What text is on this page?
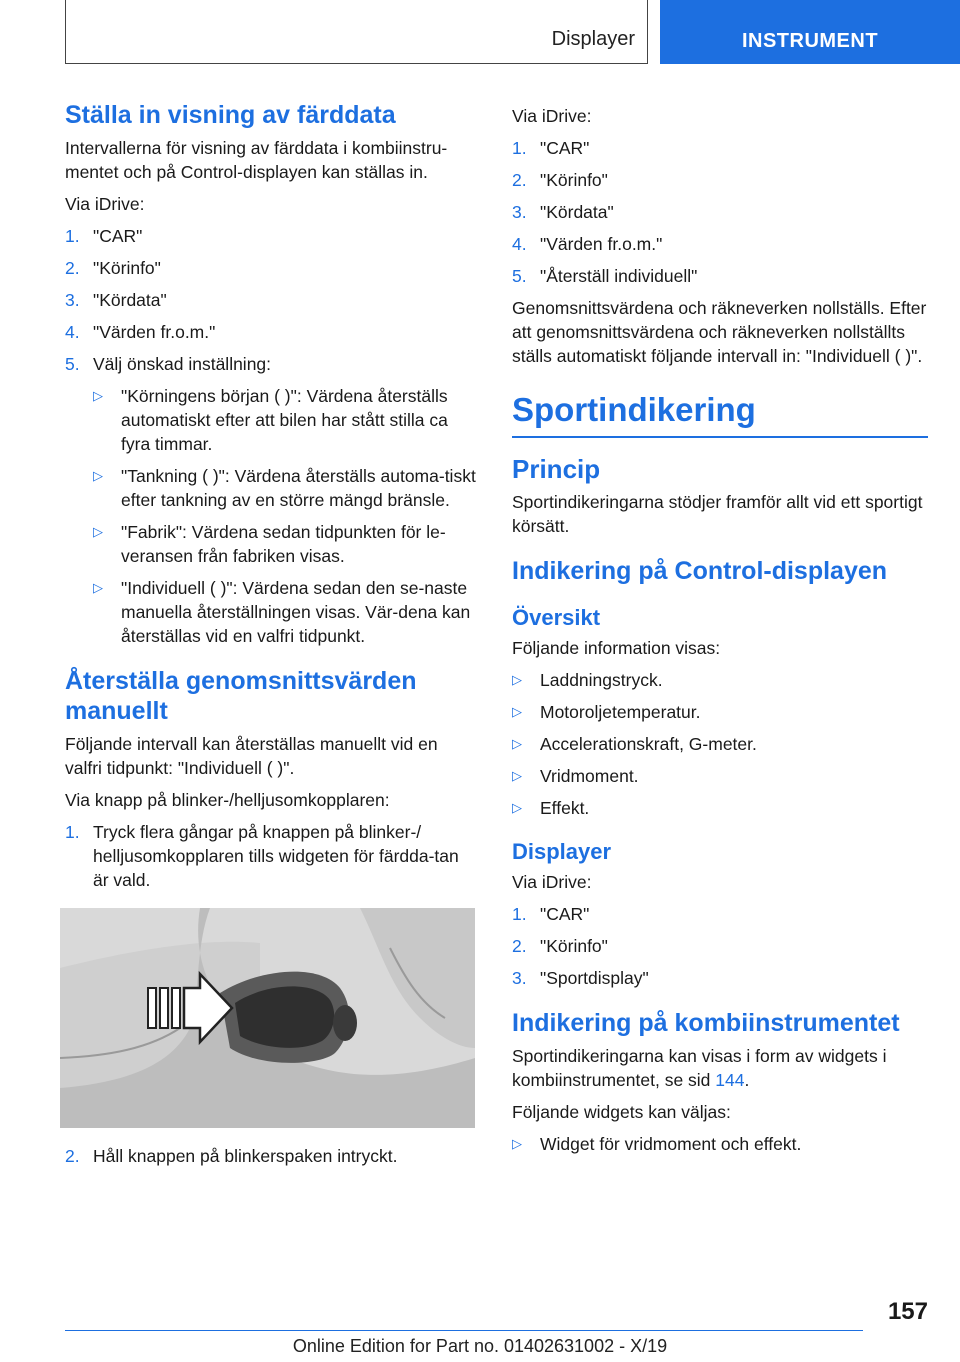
Displayer	INSTRUMENT
Ställa in visning av färddata

Intervallerna för visning av färddata i kombiinstru-mentet och på Control-displayen kan ställas in.

Via iDrive:

1. "CAR"
2. "Körinfo"
3. "Kördata"
4. "Värden fr.o.m."
5. Välj önskad inställning:
▷	"Körningens början ( )": Värdena återställs automatiskt efter att bilen har stått stilla ca fyra timmar.
▷	"Tankning ( )": Värdena återställs automa-tiskt efter tankning av en större mängd bränsle.
▷	"Fabrik": Värdena sedan tidpunkten för le-veransen från fabriken visas.
▷	"Individuell ( )": Värdena sedan den se-naste manuella återställningen visas. Vär-dena kan återställas vid en valfri tidpunkt.
Återställa genomsnittsvärden manuellt

Följande intervall kan återställas manuellt vid en valfri tidpunkt: "Individuell ( )".

Via knapp på blinker-/helljusomkopplaren:

1. Tryck flera gångar på knappen på blinker-/ helljusomkopplaren tills widgeten för färdda-tan är vald.
2. Håll knappen på blinkerspaken intryckt.

Via iDrive:

1. "CAR"
2. "Körinfo"
3. "Kördata"
4. "Värden fr.o.m."
5. "Återställ individuell"

Genomsnittsvärdena och räkneverken nollställs. Efter att genomsnittsvärdena och räkneverken nollställts ställs automatiskt följande intervall in: "Individuell ( )".

Sportindikering
Princip

Sportindikeringarna stödjer framför allt vid ett sportigt körsätt.

Indikering på Control-displayen
Översikt

Följande information visas:

▷	Laddningstryck.
▷	Motoroljetemperatur.
▷	Accelerationskraft, G-meter.
▷	Vridmoment.
▷	Effekt.
Displayer

Via iDrive:

1. "CAR"
2. "Körinfo"
3. "Sportdisplay"
Indikering på kombiinstrumentet

Sportindikeringarna kan visas i form av widgets i kombiinstrumentet, se sid 144.

Följande widgets kan väljas:

▷	Widget för vridmoment och effekt.
157
Online Edition for Part no. 01402631002 - X/19
